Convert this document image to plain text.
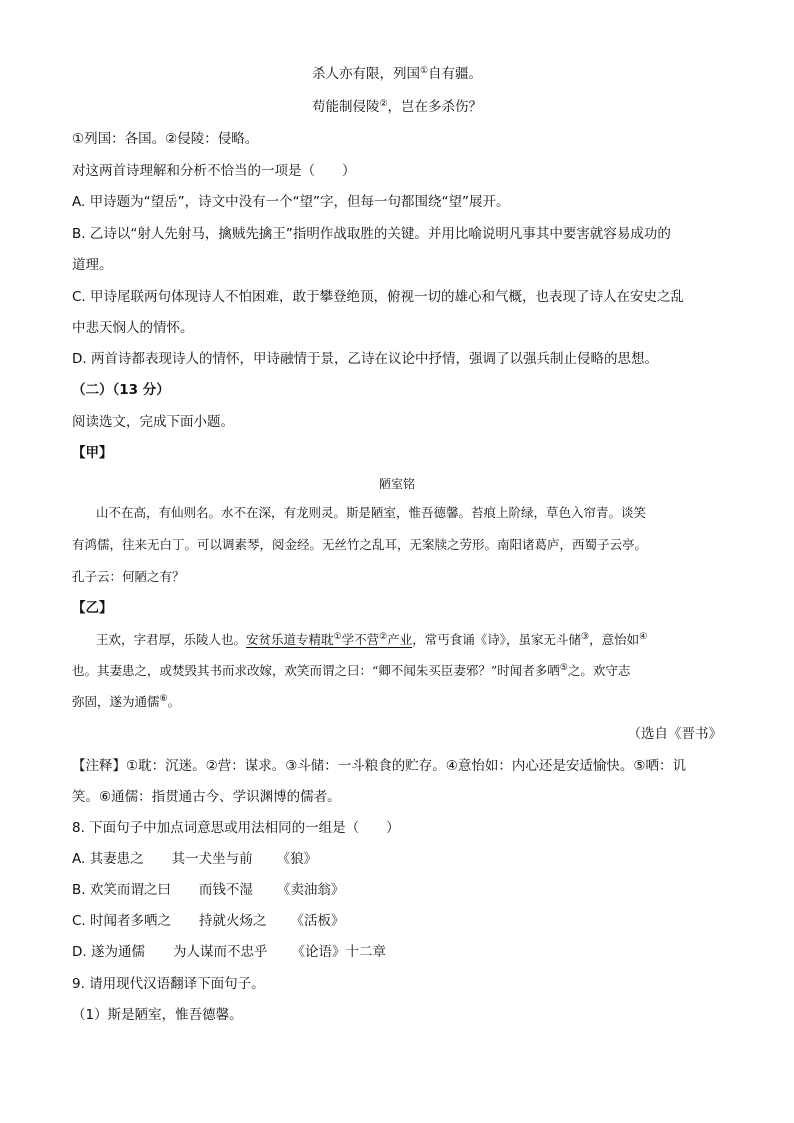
杀人亦有限，列国①自有疆。
苟能制侵陵②，岂在多杀伤？
①列国：各国。②侵陵：侵略。
对这两首诗理解和分析不恰当的一项是（　　）
A. 甲诗题为“望岳”，诗文中没有一个“望”字，但每一句都围绕“望”展开。
B. 乙诗以“射人先射马，擒贼先擒王”指明作战取胜的关键。并用比喻说明凡事其中要害就容易成功的
道理。
C. 甲诗尾联两句体现诗人不怕困难，敢于攀登绝顶，俯视一切的雄心和气概，也表现了诗人在安史之乱
中悲天悯人的情怀。
D. 两首诗都表现诗人的情怀，甲诗融情于景，乙诗在议论中抒情，强调了以强兵制止侵略的思想。
（二）（13 分）
阅读选文，完成下面小题。
【甲】
陋室铭
山不在高，有仙则名。水不在深，有龙则灵。斯是陋室，惟吾德馨。苔痕上阶绿，草色入帘青。谈笑
有鸿儒，往来无白丁。可以调素琴，阅金经。无丝竹之乱耳，无案牍之劳形。南阳诸葛庐，西蜀子云亭。
孔子云：何陋之有？
【乙】
王欢，字君厚，乐陵人也。安贫乐道专精耽①学不营②产业，常丐食诵《诗》，虽家无斗储③，意怡如④
也。其妻患之，或焚毁其书而求改嫁，欢笑而谓之曰：“卿不闻朱买臣妻邪？”时闻者多哂⑤之。欢守志
弥固，遂为通儒⑥。
（选自《晋书》
【注释】①耽：沉迷。②营：谋求。③斗储：一斗粮食的贮存。④意怡如：内心还是安适愉快。⑤哂：讥
笑。⑥通儒：指贯通古今、学识渊博的儒者。
8. 下面句子中加点词意思或用法相同的一组是（　　）
A. 其妻患之 其一犬坐与前 《狼》
B. 欢笑而谓之曰 而钱不湿 《卖油翁》
C. 时闻者多哂之 持就火炀之 《活板》
D. 遂为通儒 为人谋而不忠乎 《论语》十二章
9. 请用现代汉语翻译下面句子。
（1）斯是陋室，惟吾德馨。
